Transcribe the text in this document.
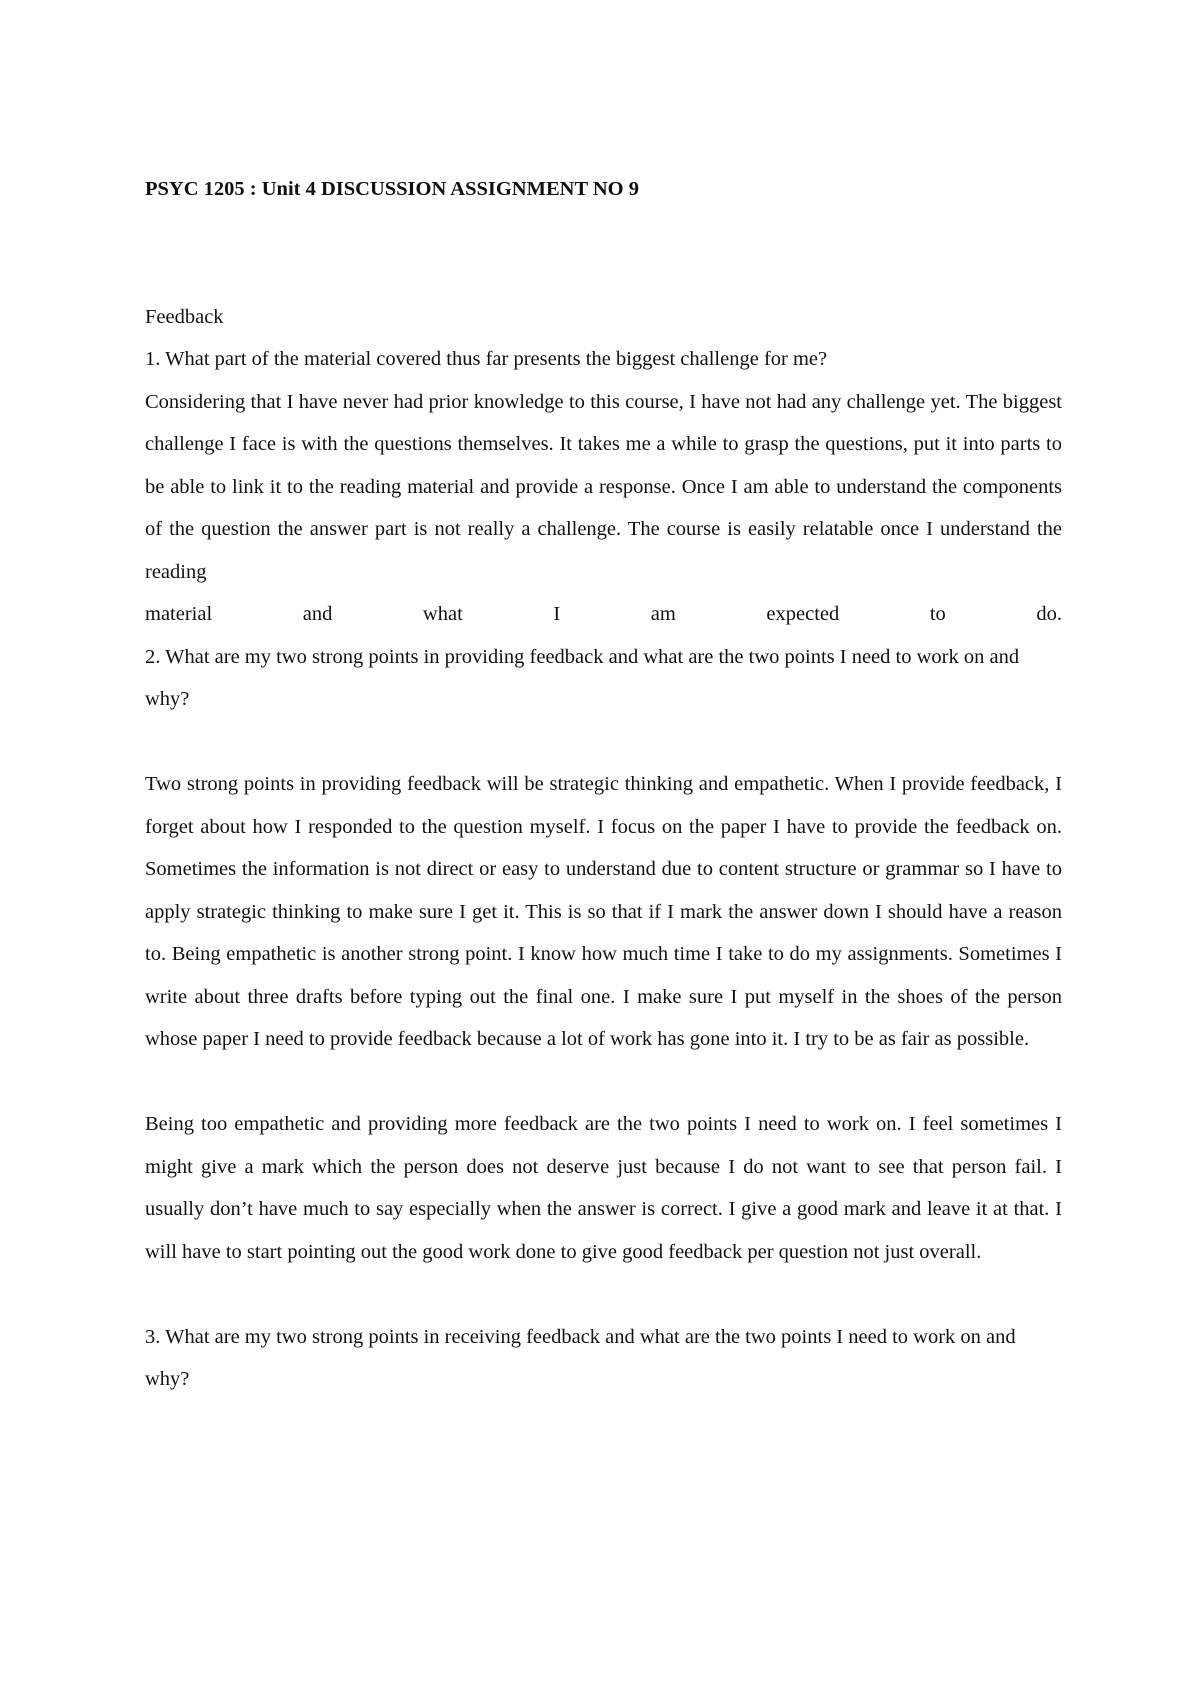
PSYC 1205 : Unit 4 DISCUSSION ASSIGNMENT NO 9

Feedback

1. What part of the material covered thus far presents the biggest challenge for me?

Considering that I have never had prior knowledge to this course, I have not had any challenge yet. The biggest challenge I face is with the questions themselves. It takes me a while to grasp the questions, put it into parts to be able to link it to the reading material and provide a response. Once I am able to understand the components of the question the answer part is not really a challenge. The course is easily relatable once I understand the reading

material and what I am expected to do.

2. What are my two strong points in providing feedback and what are the two points I need to work on and why?

Two strong points in providing feedback will be strategic thinking and empathetic. When I provide feedback, I forget about how I responded to the question myself. I focus on the paper I have to provide the feedback on. Sometimes the information is not direct or easy to understand due to content structure or grammar so I have to apply strategic thinking to make sure I get it. This is so that if I mark the answer down I should have a reason to. Being empathetic is another strong point. I know how much time I take to do my assignments. Sometimes I write about three drafts before typing out the final one. I make sure I put myself in the shoes of the person whose paper I need to provide feedback because a lot of work has gone into it. I try to be as fair as possible.

Being too empathetic and providing more feedback are the two points I need to work on. I feel sometimes I might give a mark which the person does not deserve just because I do not want to see that person fail. I usually don’t have much to say especially when the answer is correct. I give a good mark and leave it at that. I will have to start pointing out the good work done to give good feedback per question not just overall.

3. What are my two strong points in receiving feedback and what are the two points I need to work on and why?
